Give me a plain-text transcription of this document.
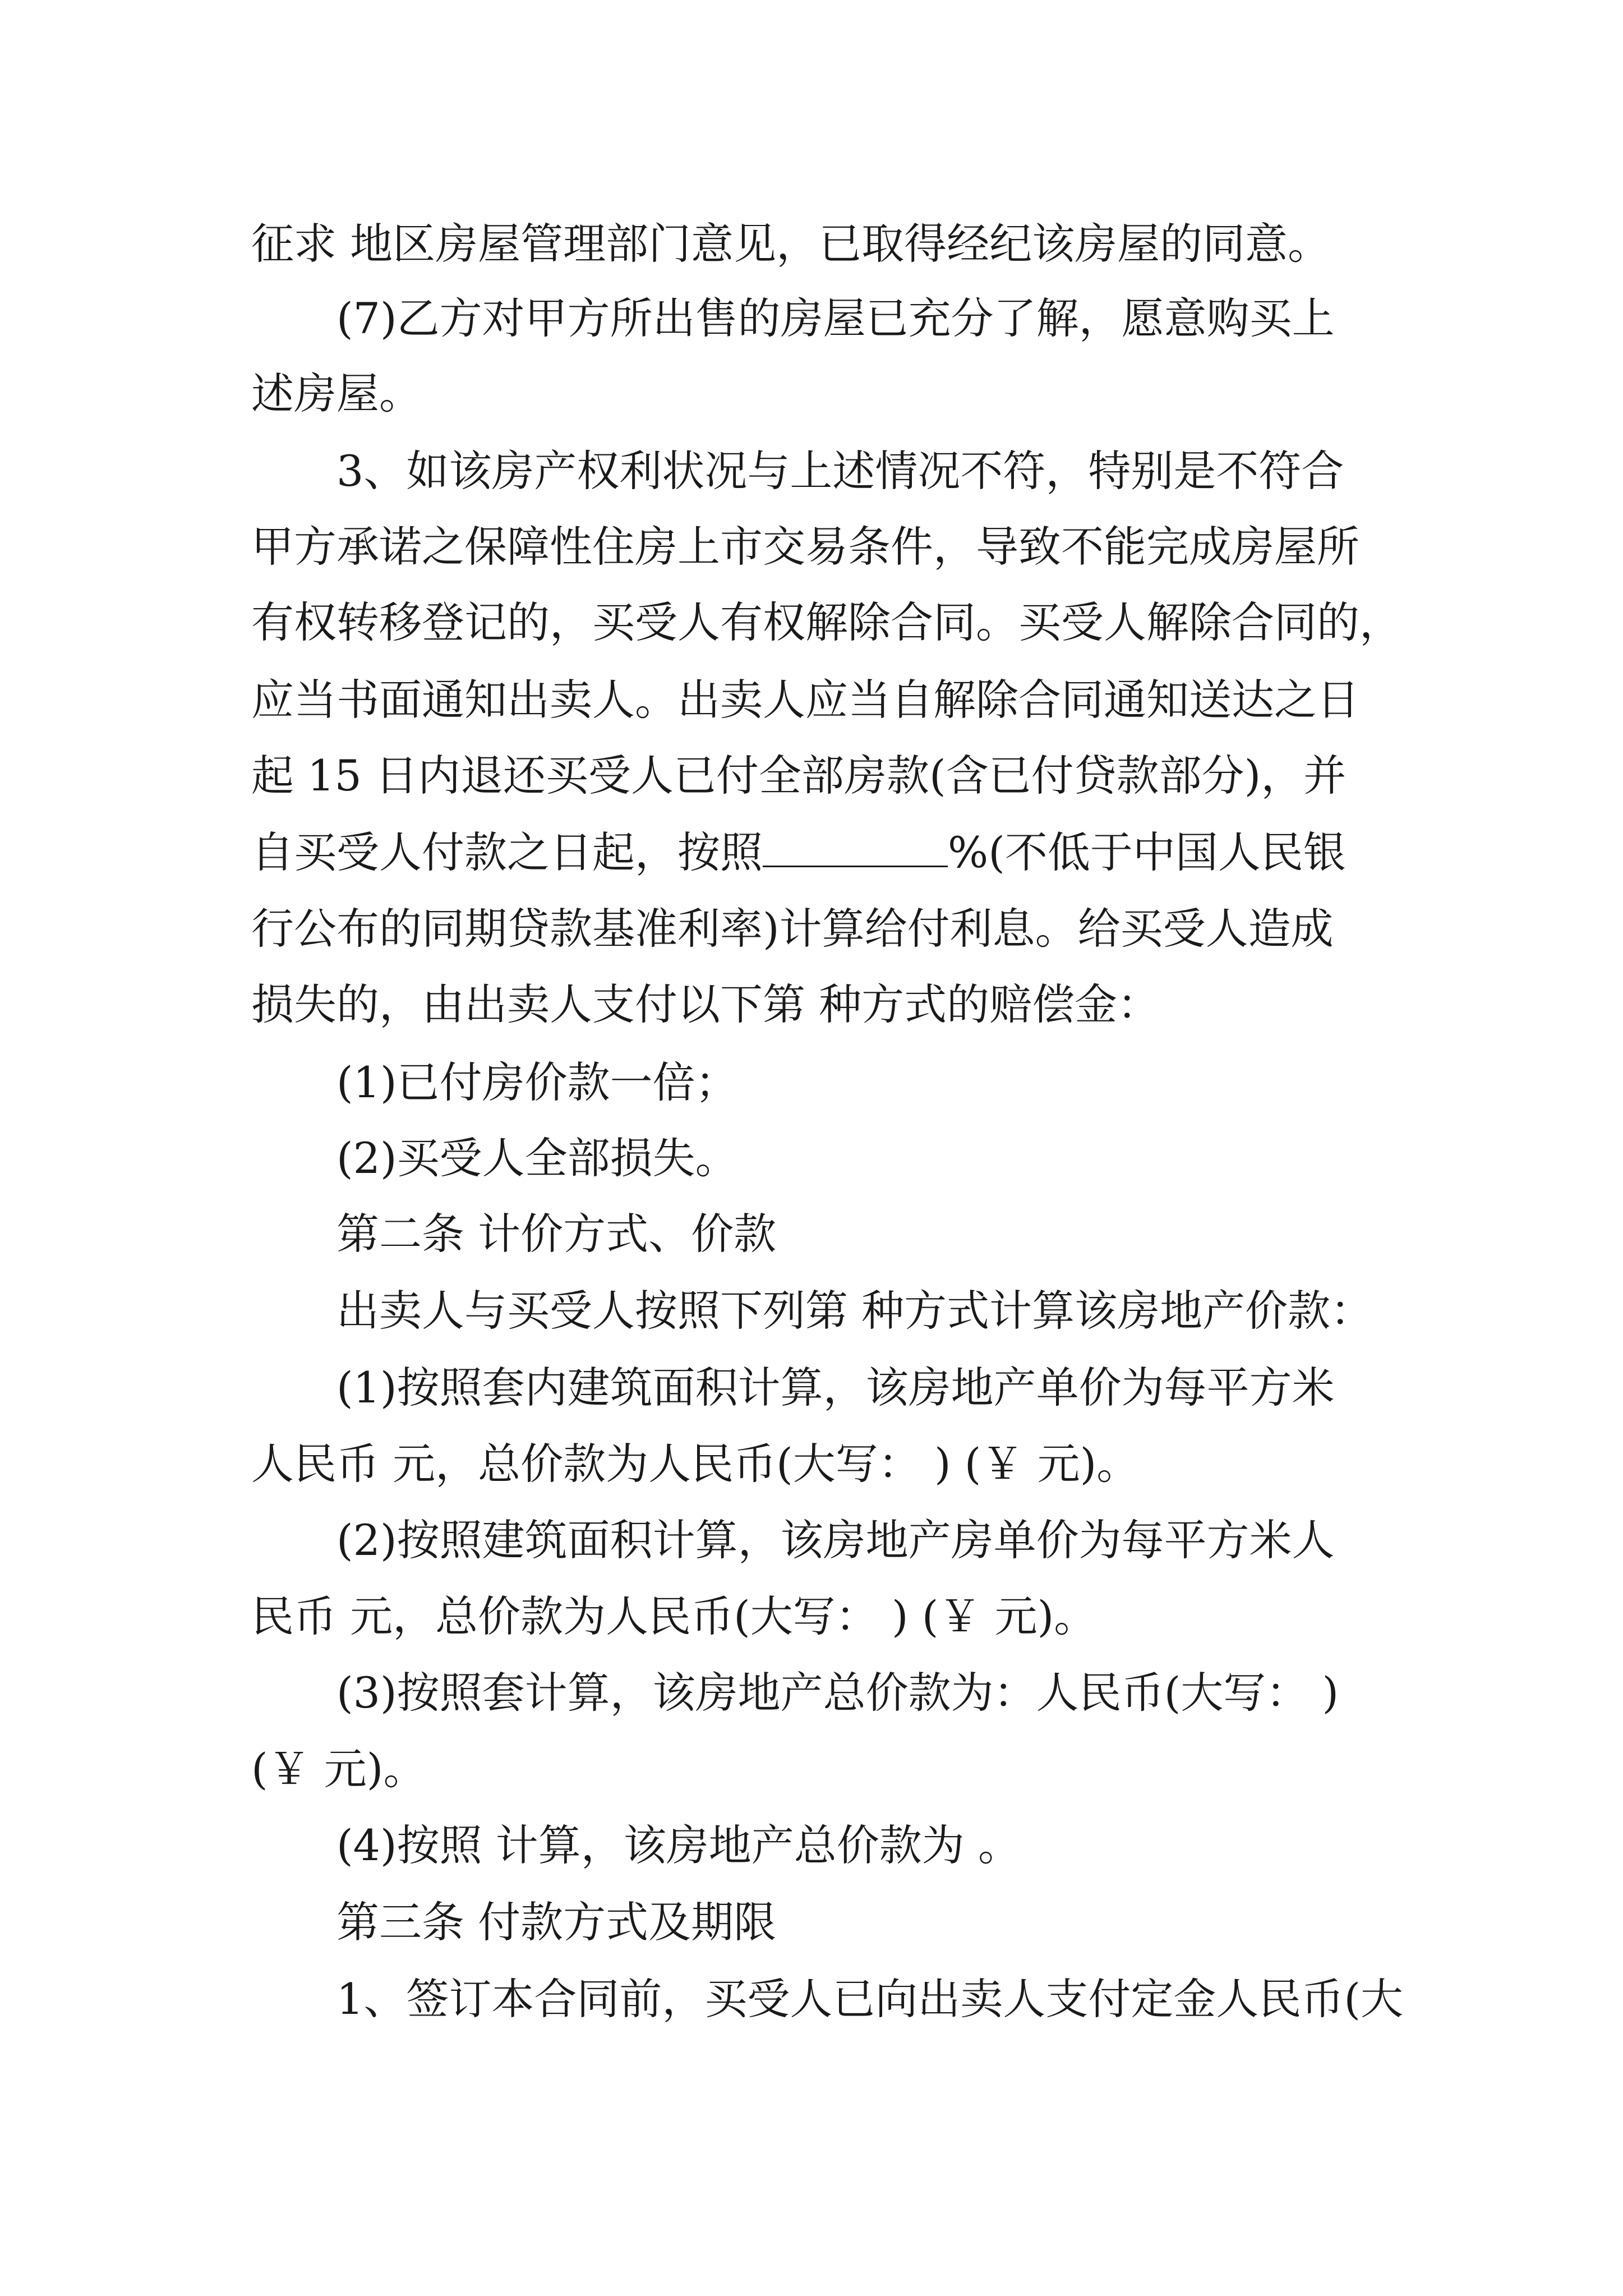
征求 地区房屋管理部门意见，已取得经纪该房屋的同意。
(7)乙方对甲方所出售的房屋已充分了解，愿意购买上
述房屋。
3、如该房产权利状况与上述情况不符，特别是不符合
甲方承诺之保障性住房上市交易条件，导致不能完成房屋所
有权转移登记的，买受人有权解除合同。买受人解除合同的，
应当书面通知出卖人。出卖人应当自解除合同通知送达之日
起 15 日内退还买受人已付全部房款(含已付贷款部分)，并
自买受人付款之日起，按照	%(不低于中国人民银
行公布的同期贷款基准利率)计算给付利息。给买受人造成
损失的，由出卖人支付以下第 种方式的赔偿金：
(1)已付房价款一倍；
(2)买受人全部损失。
第二条 计价方式、价款
出卖人与买受人按照下列第 种方式计算该房地产价款：
(1)按照套内建筑面积计算，该房地产单价为每平方米
人民币 元，总价款为人民币(大写： ) (￥ 元)。
(2)按照建筑面积计算，该房地产房单价为每平方米人
民币 元，总价款为人民币(大写： ) (￥ 元)。
(3)按照套计算，该房地产总价款为：人民币(大写： )
(￥ 元)。
(4)按照 计算，该房地产总价款为 。
第三条 付款方式及期限
1、签订本合同前，买受人已向出卖人支付定金人民币(大
